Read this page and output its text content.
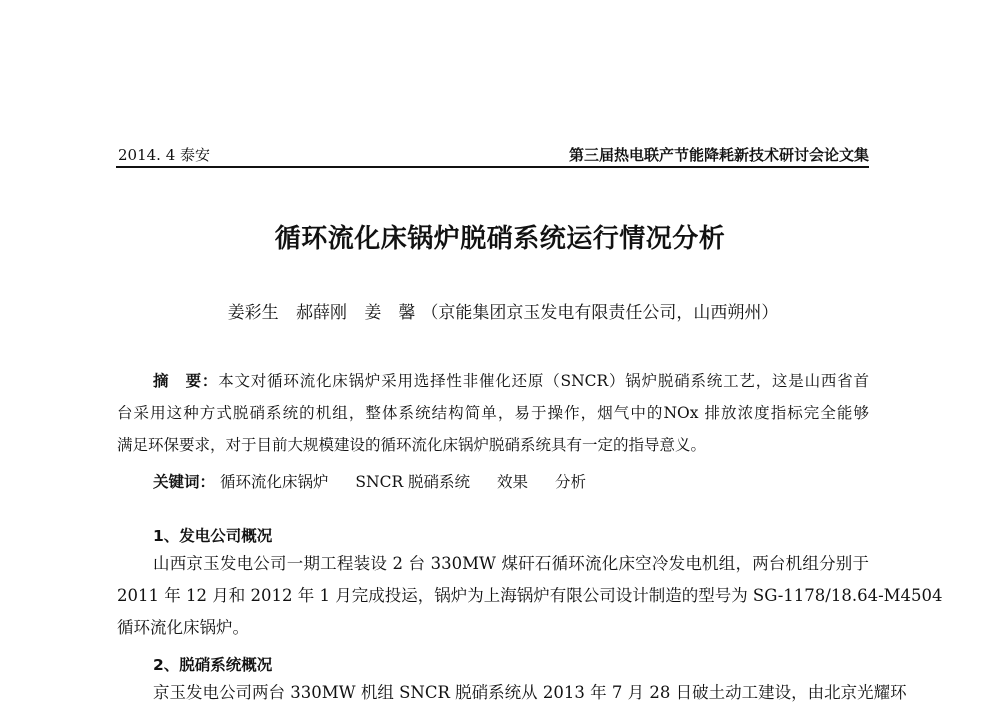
2014. 4 泰安	第三届热电联产节能降耗新技术研讨会论文集
循环流化床锅炉脱硝系统运行情况分析
姜彩生 郝薛刚 姜　馨 （京能集团京玉发电有限责任公司，山西朔州）
摘　要：本文对循环流化床锅炉采用选择性非催化还原（SNCR）锅炉脱硝系统工艺，这是山西省首
台采用这种方式脱硝系统的机组，整体系统结构简单，易于操作，烟气中的NOx 排放浓度指标完全能够
满足环保要求，对于目前大规模建设的循环流化床锅炉脱硝系统具有一定的指导意义。
关键词： 循环流化床锅炉 SNCR 脱硝系统 效果 分析
1、发电公司概况
山西京玉发电公司一期工程装设 2 台 330MW 煤矸石循环流化床空冷发电机组，两台机组分别于
2011 年 12 月和 2012 年 1 月完成投运，锅炉为上海锅炉有限公司设计制造的型号为 SG-1178/18.64-M4504
循环流化床锅炉。
2、脱硝系统概况
京玉发电公司两台 330MW 机组 SNCR 脱硝系统从 2013 年 7 月 28 日破土动工建设，由北京光耀环
